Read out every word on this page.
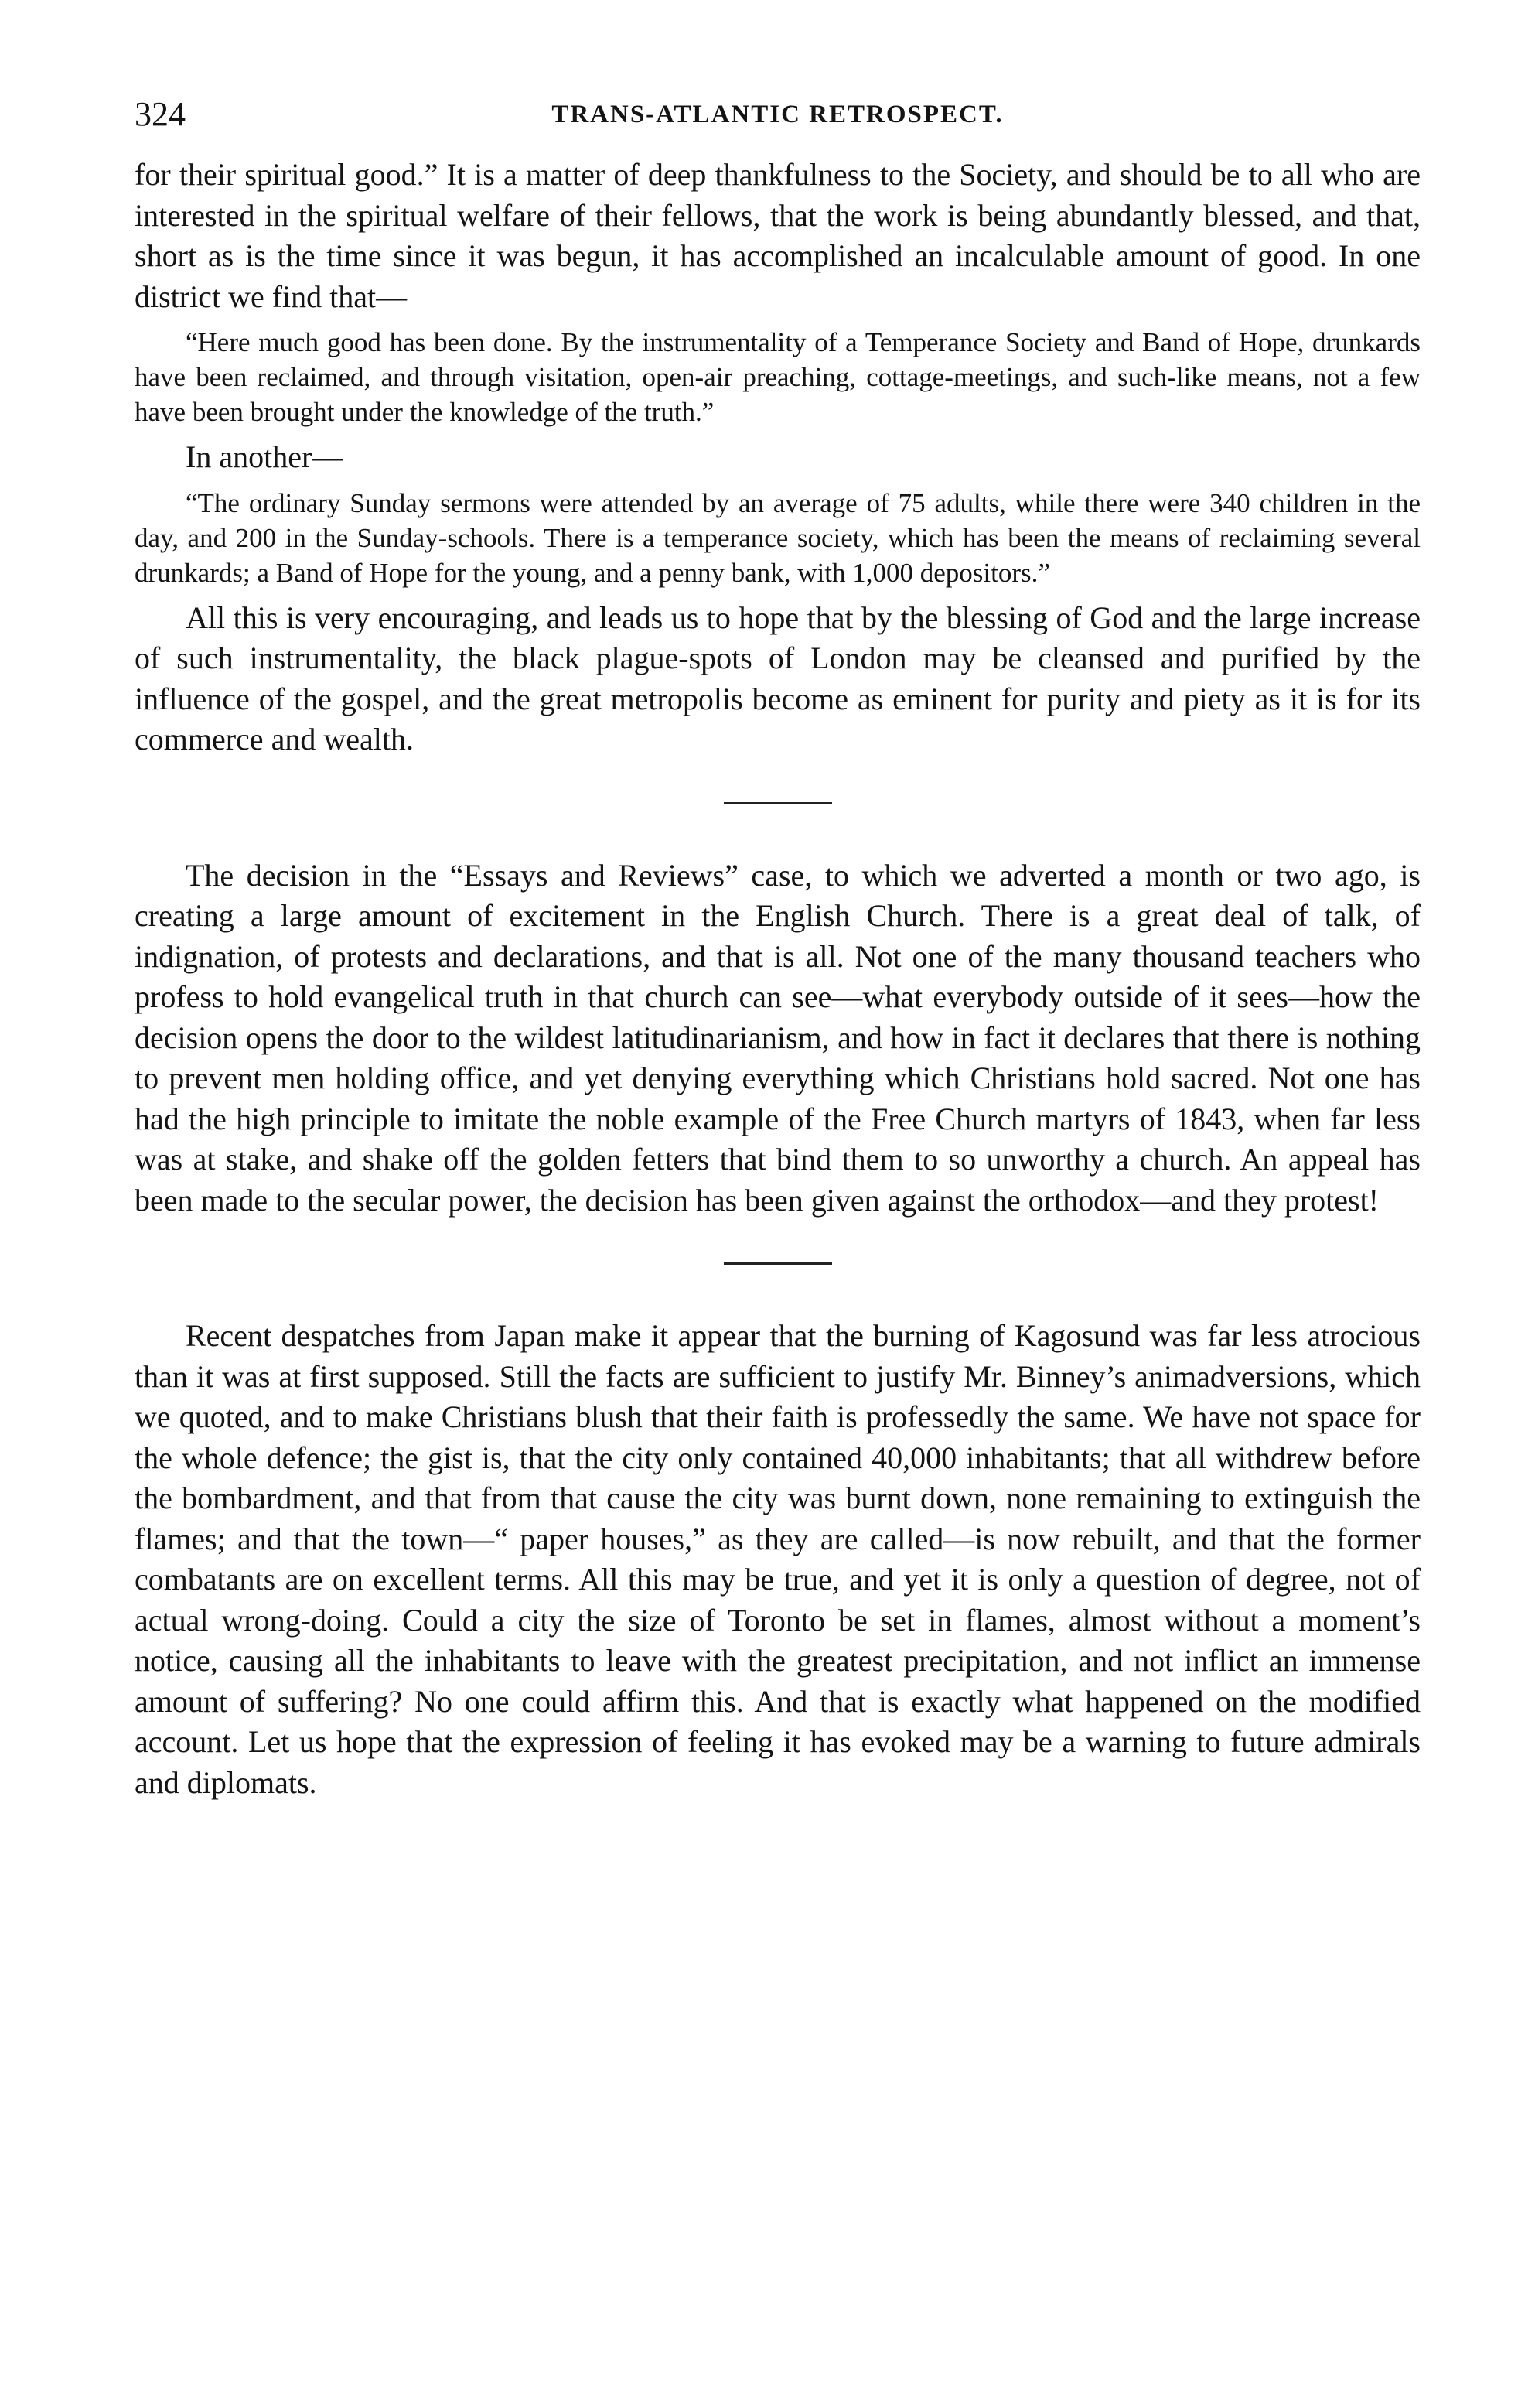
324	TRANS-ATLANTIC RETROSPECT.

for their spiritual good.” It is a matter of deep thankfulness to the Society, and should be to all who are interested in the spiritual welfare of their fellows, that the work is being abundantly blessed, and that, short as is the time since it was begun, it has accomplished an incalculable amount of good. In one district we find that—

“Here much good has been done. By the instrumentality of a Temperance Society and Band of Hope, drunkards have been reclaimed, and through visitation, open-air preaching, cottage-meetings, and such-like means, not a few have been brought under the knowledge of the truth.”

In another—

“The ordinary Sunday sermons were attended by an average of 75 adults, while there were 340 children in the day, and 200 in the Sunday-schools. There is a temperance society, which has been the means of reclaiming several drunkards; a Band of Hope for the young, and a penny bank, with 1,000 depositors.”

All this is very encouraging, and leads us to hope that by the blessing of God and the large increase of such instrumentality, the black plague-spots of London may be cleansed and purified by the influence of the gospel, and the great metropolis become as eminent for purity and piety as it is for its commerce and wealth.

The decision in the “Essays and Reviews” case, to which we adverted a month or two ago, is creating a large amount of excitement in the English Church. There is a great deal of talk, of indignation, of protests and declarations, and that is all. Not one of the many thousand teachers who profess to hold evangelical truth in that church can see—what everybody outside of it sees—how the decision opens the door to the wildest latitudinarianism, and how in fact it declares that there is nothing to prevent men holding office, and yet denying everything which Christians hold sacred. Not one has had the high principle to imitate the noble example of the Free Church martyrs of 1843, when far less was at stake, and shake off the golden fetters that bind them to so unworthy a church. An appeal has been made to the secular power, the decision has been given against the orthodox—and they protest!

Recent despatches from Japan make it appear that the burning of Kagosund was far less atrocious than it was at first supposed. Still the facts are sufficient to justify Mr. Binney’s animadversions, which we quoted, and to make Christians blush that their faith is professedly the same. We have not space for the whole defence; the gist is, that the city only contained 40,000 inhabitants; that all withdrew before the bombardment, and that from that cause the city was burnt down, none remaining to extinguish the flames; and that the town—“ paper houses,” as they are called—is now rebuilt, and that the former combatants are on excellent terms. All this may be true, and yet it is only a question of degree, not of actual wrong-doing. Could a city the size of Toronto be set in flames, almost without a moment’s notice, causing all the inhabitants to leave with the greatest precipitation, and not inflict an immense amount of suffering? No one could affirm this. And that is exactly what happened on the modified account. Let us hope that the expression of feeling it has evoked may be a warning to future admirals and diplomats.
